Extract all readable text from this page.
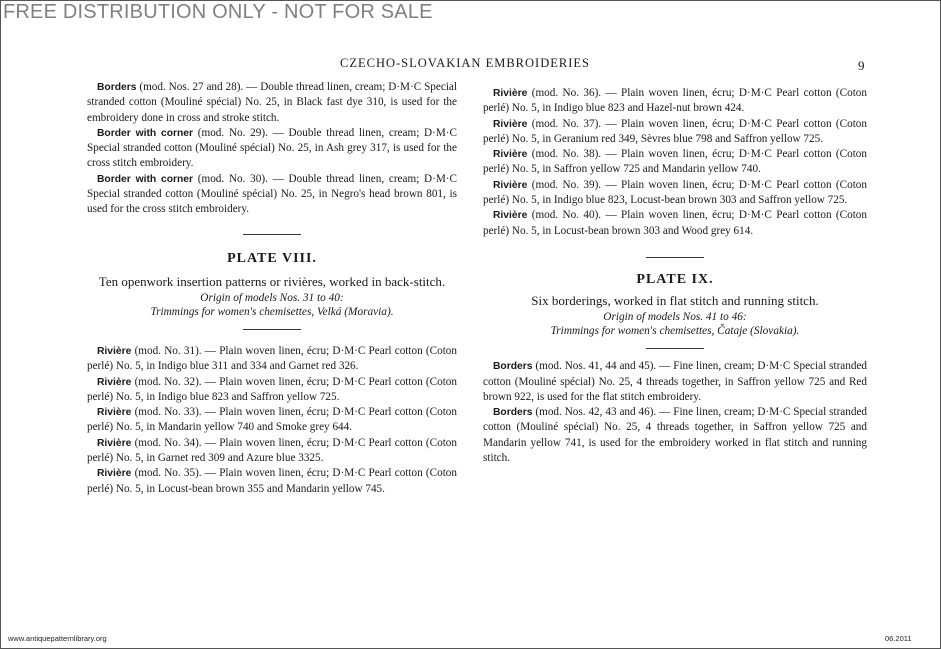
FREE DISTRIBUTION ONLY - NOT FOR SALE
CZECHO-SLOVAKIAN EMBROIDERIES	9

Borders (mod. Nos. 27 and 28). — Double thread linen, cream; D·M·C Special stranded cotton (Mouliné spécial) No. 25, in Black fast dye 310, is used for the embroidery done in cross and stroke stitch.

Border with corner (mod. No. 29). — Double thread linen, cream; D·M·C Special stranded cotton (Mouliné spécial) No. 25, in Ash grey 317, is used for the cross stitch embroidery.

Border with corner (mod. No. 30). — Double thread linen, cream; D·M·C Special stranded cotton (Mouliné spécial) No. 25, in Negro's head brown 801, is used for the cross stitch embroidery.

PLATE VIII.

Ten openwork insertion patterns or rivières, worked in back-stitch.

Origin of models Nos. 31 to 40:

Trimmings for women's chemisettes, Velká (Moravia).

Rivière (mod. No. 31). — Plain woven linen, écru; D·M·C Pearl cotton (Coton perlé) No. 5, in Indigo blue 311 and 334 and Garnet red 326.

Rivière (mod. No. 32). — Plain woven linen, écru; D·M·C Pearl cotton (Coton perlé) No. 5, in Indigo blue 823 and Saffron yellow 725.

Rivière (mod. No. 33). — Plain woven linen, écru; D·M·C Pearl cotton (Coton perlé) No. 5, in Mandarin yellow 740 and Smoke grey 644.

Rivière (mod. No. 34). — Plain woven linen, écru; D·M·C Pearl cotton (Coton perlé) No. 5, in Garnet red 309 and Azure blue 3325.

Rivière (mod. No. 35). — Plain woven linen, écru; D·M·C Pearl cotton (Coton perlé) No. 5, in Locust-bean brown 355 and Mandarin yellow 745.

Rivière (mod. No. 36). — Plain woven linen, écru; D·M·C Pearl cotton (Coton perlé) No. 5, in Indigo blue 823 and Hazel-nut brown 424.

Rivière (mod. No. 37). — Plain woven linen, écru; D·M·C Pearl cotton (Coton perlé) No. 5, in Geranium red 349, Sèvres blue 798 and Saffron yellow 725.

Rivière (mod. No. 38). — Plain woven linen, écru; D·M·C Pearl cotton (Coton perlé) No. 5, in Saffron yellow 725 and Mandarin yellow 740.

Rivière (mod. No. 39). — Plain woven linen, écru; D·M·C Pearl cotton (Coton perlé) No. 5, in Indigo blue 823, Locust-bean brown 303 and Saffron yellow 725.

Rivière (mod. No. 40). — Plain woven linen, écru; D·M·C Pearl cotton (Coton perlé) No. 5, in Locust-bean brown 303 and Wood grey 614.

PLATE IX.

Six borderings, worked in flat stitch and running stitch.

Origin of models Nos. 41 to 46:

Trimmings for women's chemisettes, Čataje (Slovakia).

Borders (mod. Nos. 41, 44 and 45). — Fine linen, cream; D·M·C Special stranded cotton (Mouliné spécial) No. 25, 4 threads together, in Saffron yellow 725 and Red brown 922, is used for the flat stitch embroidery.

Borders (mod. Nos. 42, 43 and 46). — Fine linen, cream; D·M·C Special stranded cotton (Mouliné spécial) No. 25, 4 threads together, in Saffron yellow 725 and Mandarin yellow 741, is used for the embroidery worked in flat stitch and running stitch.

www.antiquepatternlibrary.org	06.2011
